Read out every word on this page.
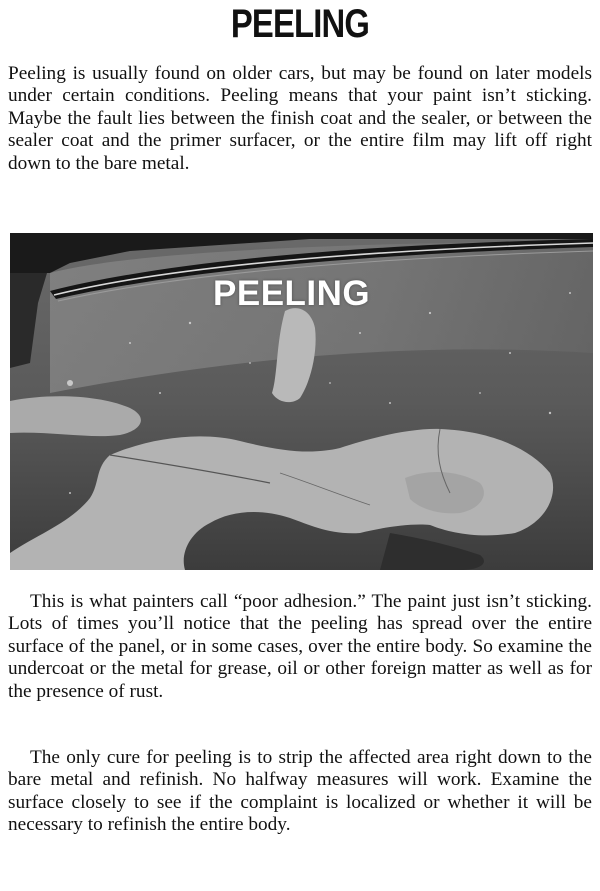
PEELING

Peeling is usually found on older cars, but may be found on later models under certain conditions. Peeling means that your paint isn’t sticking. Maybe the fault lies between the finish coat and the sealer, or between the sealer coat and the primer surfacer, or the entire film may lift off right down to the bare metal.

PEELING

This is what painters call “poor adhesion.” The paint just isn’t sticking. Lots of times you’ll notice that the peeling has spread over the entire surface of the panel, or in some cases, over the entire body. So examine the undercoat or the metal for grease, oil or other foreign matter as well as for the presence of rust.

The only cure for peeling is to strip the affected area right down to the bare metal and refinish. No halfway measures will work. Examine the surface closely to see if the complaint is localized or whether it will be necessary to refinish the entire body.
